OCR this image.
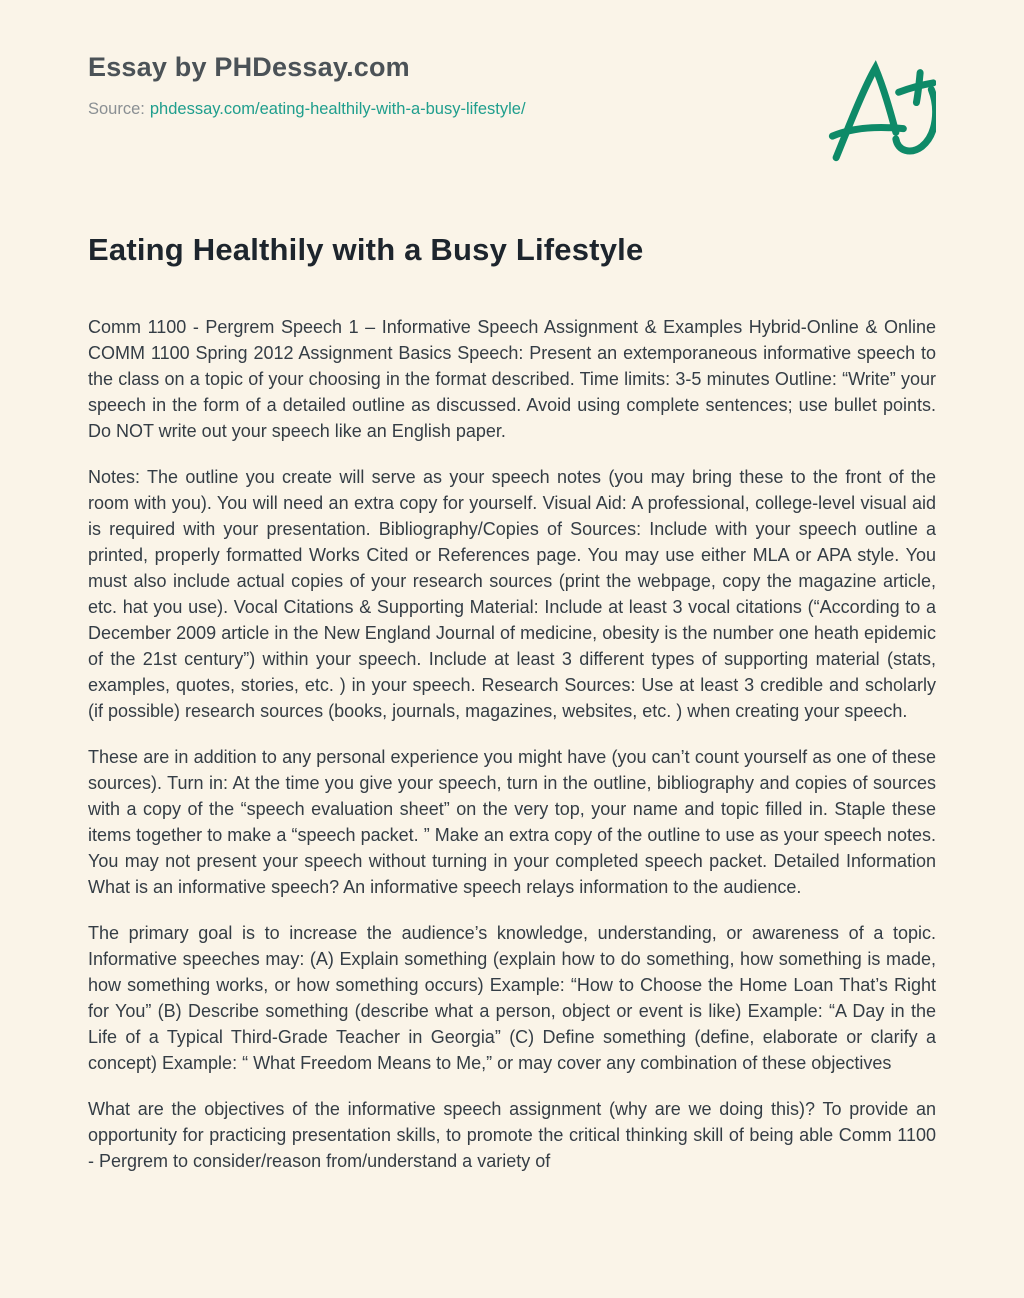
Essay by PHDessay.com

Source: phdessay.com/eating-healthily-with-a-busy-lifestyle/

Eating Healthily with a Busy Lifestyle

Comm 1100 - Pergrem Speech 1 – Informative Speech Assignment & Examples Hybrid-Online & Online COMM 1100 Spring 2012 Assignment Basics Speech: Present an extemporaneous informative speech to the class on a topic of your choosing in the format described. Time limits: 3-5 minutes Outline: “Write” your speech in the form of a detailed outline as discussed. Avoid using complete sentences; use bullet points. Do NOT write out your speech like an English paper.

Notes: The outline you create will serve as your speech notes (you may bring these to the front of the room with you). You will need an extra copy for yourself. Visual Aid: A professional, college-level visual aid is required with your presentation. Bibliography/Copies of Sources: Include with your speech outline a printed, properly formatted Works Cited or References page. You may use either MLA or APA style. You must also include actual copies of your research sources (print the webpage, copy the magazine article, etc. hat you use). Vocal Citations & Supporting Material: Include at least 3 vocal citations (“According to a December 2009 article in the New England Journal of medicine, obesity is the number one heath epidemic of the 21st century”) within your speech. Include at least 3 different types of supporting material (stats, examples, quotes, stories, etc. ) in your speech. Research Sources: Use at least 3 credible and scholarly (if possible) research sources (books, journals, magazines, websites, etc. ) when creating your speech.

These are in addition to any personal experience you might have (you can’t count yourself as one of these sources). Turn in: At the time you give your speech, turn in the outline, bibliography and copies of sources with a copy of the “speech evaluation sheet” on the very top, your name and topic filled in. Staple these items together to make a “speech packet. ” Make an extra copy of the outline to use as your speech notes. You may not present your speech without turning in your completed speech packet. Detailed Information What is an informative speech? An informative speech relays information to the audience.

The primary goal is to increase the audience’s knowledge, understanding, or awareness of a topic. Informative speeches may: (A) Explain something (explain how to do something, how something is made, how something works, or how something occurs) Example: “How to Choose the Home Loan That’s Right for You” (B) Describe something (describe what a person, object or event is like) Example: “A Day in the Life of a Typical Third-Grade Teacher in Georgia” (C) Define something (define, elaborate or clarify a concept) Example: “ What Freedom Means to Me,” or may cover any combination of these objectives

What are the objectives of the informative speech assignment (why are we doing this)? To provide an opportunity for practicing presentation skills, to promote the critical thinking skill of being able Comm 1100 - Pergrem to consider/reason from/understand a variety of
